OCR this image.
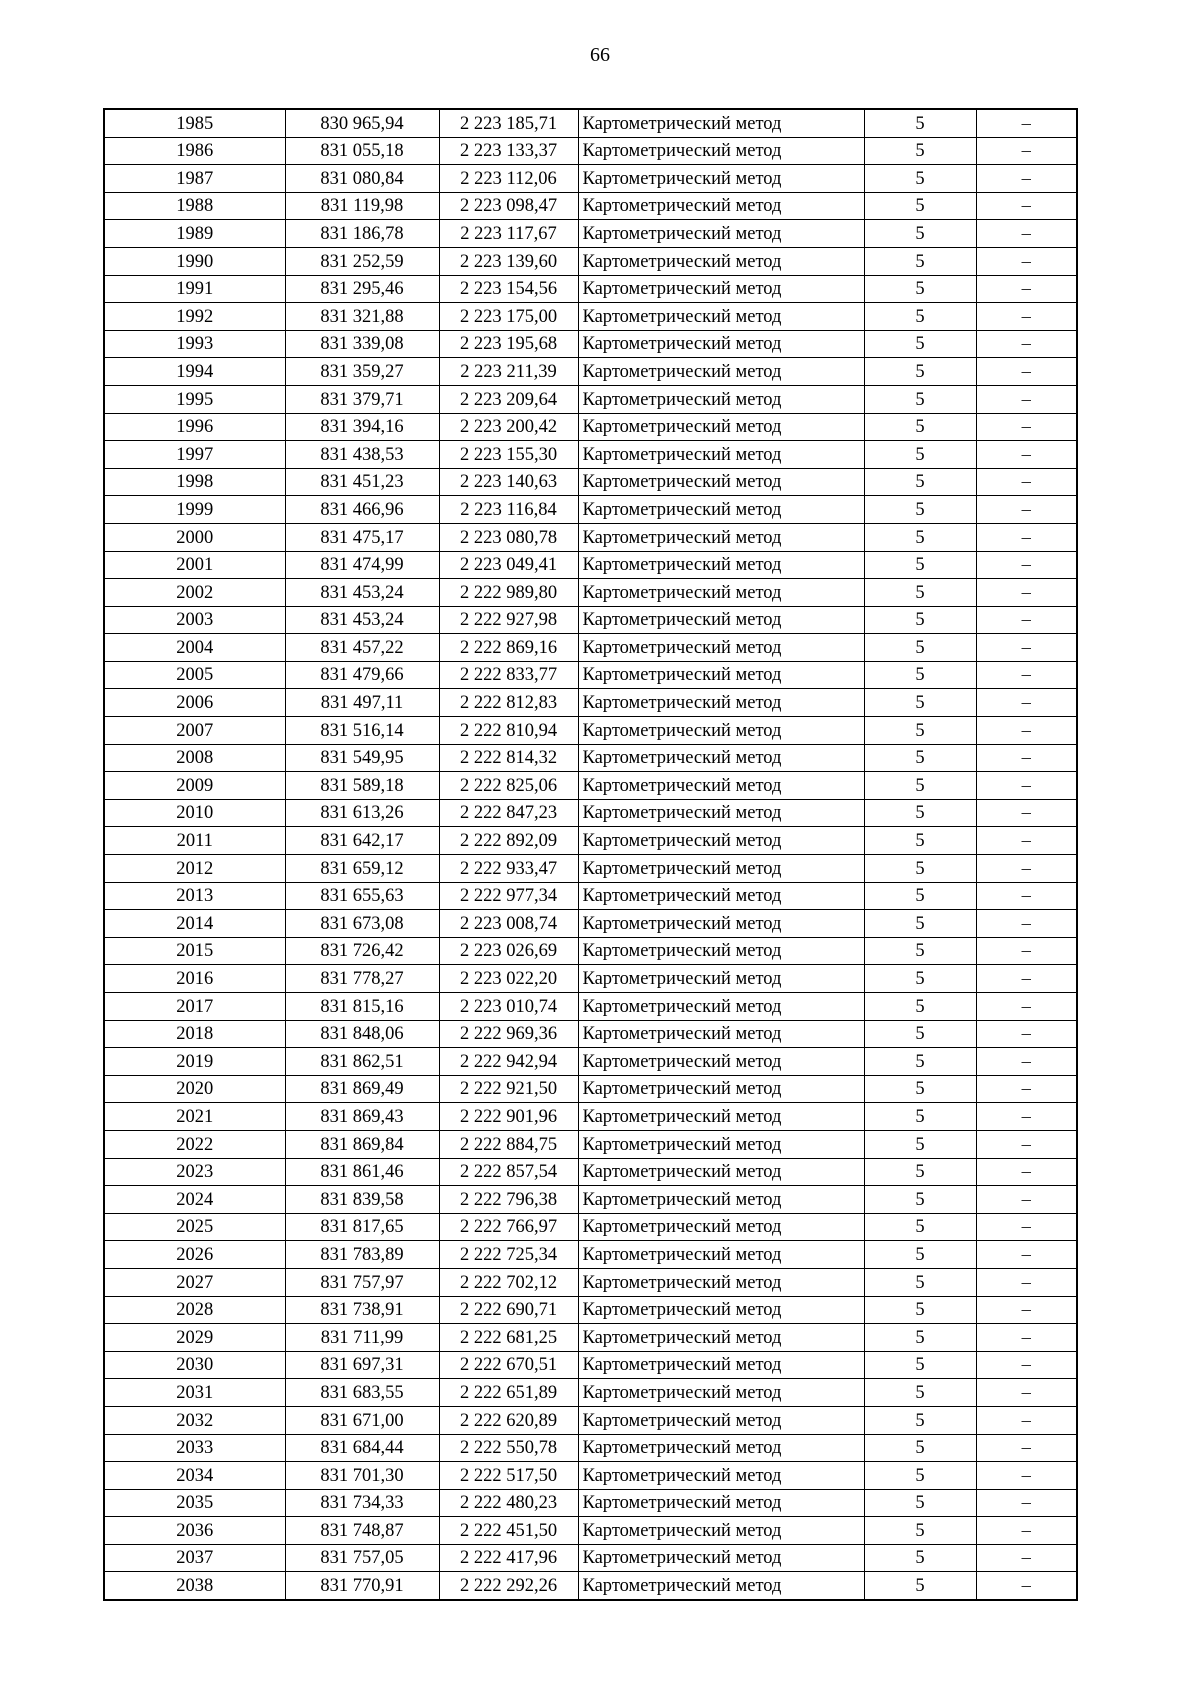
66
1985	830 965,94	2 223 185,71	Картометрический метод	5	–
1986	831 055,18	2 223 133,37	Картометрический метод	5	–
1987	831 080,84	2 223 112,06	Картометрический метод	5	–
1988	831 119,98	2 223 098,47	Картометрический метод	5	–
1989	831 186,78	2 223 117,67	Картометрический метод	5	–
1990	831 252,59	2 223 139,60	Картометрический метод	5	–
1991	831 295,46	2 223 154,56	Картометрический метод	5	–
1992	831 321,88	2 223 175,00	Картометрический метод	5	–
1993	831 339,08	2 223 195,68	Картометрический метод	5	–
1994	831 359,27	2 223 211,39	Картометрический метод	5	–
1995	831 379,71	2 223 209,64	Картометрический метод	5	–
1996	831 394,16	2 223 200,42	Картометрический метод	5	–
1997	831 438,53	2 223 155,30	Картометрический метод	5	–
1998	831 451,23	2 223 140,63	Картометрический метод	5	–
1999	831 466,96	2 223 116,84	Картометрический метод	5	–
2000	831 475,17	2 223 080,78	Картометрический метод	5	–
2001	831 474,99	2 223 049,41	Картометрический метод	5	–
2002	831 453,24	2 222 989,80	Картометрический метод	5	–
2003	831 453,24	2 222 927,98	Картометрический метод	5	–
2004	831 457,22	2 222 869,16	Картометрический метод	5	–
2005	831 479,66	2 222 833,77	Картометрический метод	5	–
2006	831 497,11	2 222 812,83	Картометрический метод	5	–
2007	831 516,14	2 222 810,94	Картометрический метод	5	–
2008	831 549,95	2 222 814,32	Картометрический метод	5	–
2009	831 589,18	2 222 825,06	Картометрический метод	5	–
2010	831 613,26	2 222 847,23	Картометрический метод	5	–
2011	831 642,17	2 222 892,09	Картометрический метод	5	–
2012	831 659,12	2 222 933,47	Картометрический метод	5	–
2013	831 655,63	2 222 977,34	Картометрический метод	5	–
2014	831 673,08	2 223 008,74	Картометрический метод	5	–
2015	831 726,42	2 223 026,69	Картометрический метод	5	–
2016	831 778,27	2 223 022,20	Картометрический метод	5	–
2017	831 815,16	2 223 010,74	Картометрический метод	5	–
2018	831 848,06	2 222 969,36	Картометрический метод	5	–
2019	831 862,51	2 222 942,94	Картометрический метод	5	–
2020	831 869,49	2 222 921,50	Картометрический метод	5	–
2021	831 869,43	2 222 901,96	Картометрический метод	5	–
2022	831 869,84	2 222 884,75	Картометрический метод	5	–
2023	831 861,46	2 222 857,54	Картометрический метод	5	–
2024	831 839,58	2 222 796,38	Картометрический метод	5	–
2025	831 817,65	2 222 766,97	Картометрический метод	5	–
2026	831 783,89	2 222 725,34	Картометрический метод	5	–
2027	831 757,97	2 222 702,12	Картометрический метод	5	–
2028	831 738,91	2 222 690,71	Картометрический метод	5	–
2029	831 711,99	2 222 681,25	Картометрический метод	5	–
2030	831 697,31	2 222 670,51	Картометрический метод	5	–
2031	831 683,55	2 222 651,89	Картометрический метод	5	–
2032	831 671,00	2 222 620,89	Картометрический метод	5	–
2033	831 684,44	2 222 550,78	Картометрический метод	5	–
2034	831 701,30	2 222 517,50	Картометрический метод	5	–
2035	831 734,33	2 222 480,23	Картометрический метод	5	–
2036	831 748,87	2 222 451,50	Картометрический метод	5	–
2037	831 757,05	2 222 417,96	Картометрический метод	5	–
2038	831 770,91	2 222 292,26	Картометрический метод	5	–
